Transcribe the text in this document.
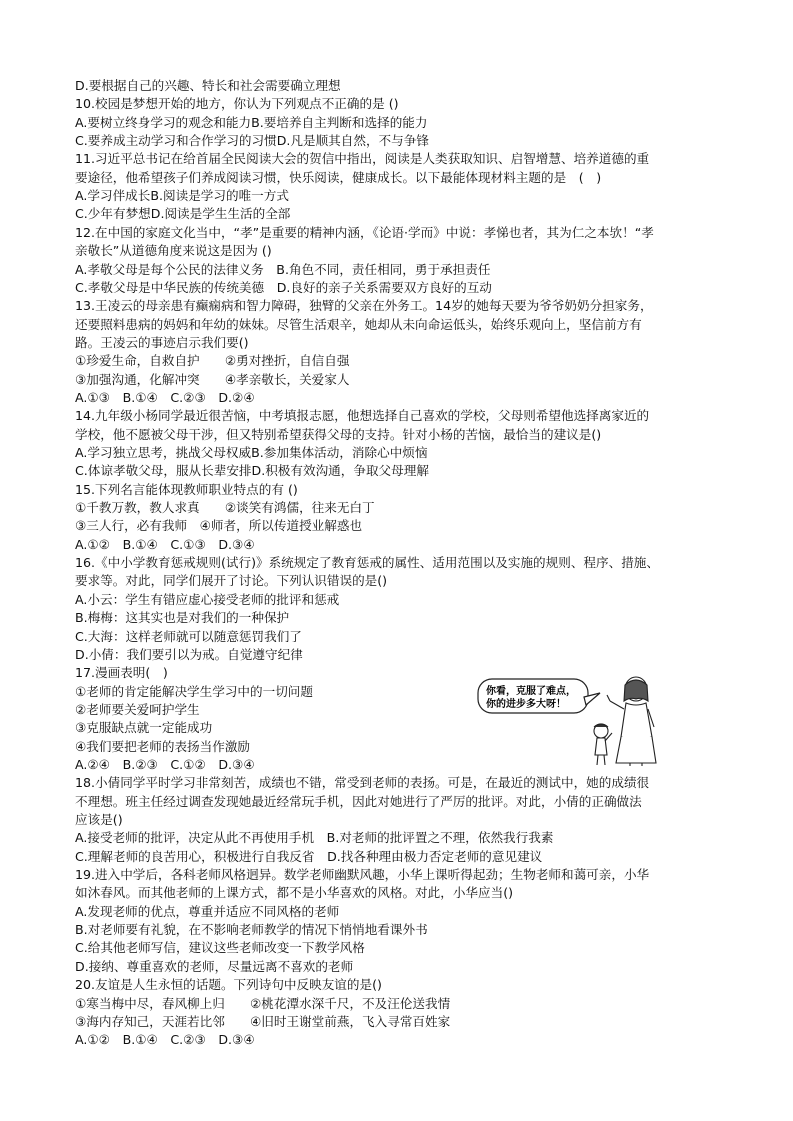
D.要根据自己的兴趣、特长和社会需要确立理想
10.校园是梦想开始的地方，你认为下列观点不正确的是 ()
A.要树立终身学习的观念和能力B.要培养自主判断和选择的能力
C.要养成主动学习和合作学习的习惯D.凡是顺其自然，不与争锋
11.习近平总书记在给首届全民阅读大会的贺信中指出，阅读是人类获取知识、启智增慧、培养道德的重
要途径，他希望孩子们养成阅读习惯，快乐阅读，健康成长。以下最能体现材料主题的是　(　)
A.学习伴成长B.阅读是学习的唯一方式
C.少年有梦想D.阅读是学生生活的全部
12.在中国的家庭文化当中，“孝”是重要的精神内涵，《论语·学而》中说：孝悌也者，其为仁之本欤！“孝
亲敬长”从道德角度来说这是因为 ()
A.孝敬父母是每个公民的法律义务　B.角色不同，责任相同，勇于承担责任
C.孝敬父母是中华民族的传统美德　D.良好的亲子关系需要双方良好的互动
13.王凌云的母亲患有癫痫病和智力障碍，独臂的父亲在外务工。14岁的她每天要为爷爷奶奶分担家务，
还要照料患病的妈妈和年幼的妹妹。尽管生活艰辛，她却从未向命运低头，始终乐观向上，坚信前方有
路。王凌云的事迹启示我们要()
①珍爱生命，自救自护　　②勇对挫折，自信自强
③加强沟通，化解冲突　　④孝亲敬长，关爱家人
A.①③　B.①④　C.②③　D.②④
14.九年级小杨同学最近很苦恼，中考填报志愿，他想选择自己喜欢的学校，父母则希望他选择离家近的
学校，他不愿被父母干涉，但又特别希望获得父母的支持。针对小杨的苦恼，最恰当的建议是()
A.学习独立思考，挑战父母权威B.参加集体活动，消除心中烦恼
C.体谅孝敬父母，服从长辈安排D.积极有效沟通，争取父母理解
15.下列名言能体现教师职业特点的有 ()
①千教万教，教人求真　　②谈笑有鸿儒，往来无白丁
③三人行，必有我师　④师者，所以传道授业解惑也
A.①②　B.①④　C.①③　D.③④
16.《中小学教育惩戒规则(试行)》系统规定了教育惩戒的属性、适用范围以及实施的规则、程序、措施、
要求等。对此，同学们展开了讨论。下列认识错误的是()
A.小云：学生有错应虚心接受老师的批评和惩戒
B.梅梅：这其实也是对我们的一种保护
C.大海：这样老师就可以随意惩罚我们了
D.小倩：我们要引以为戒。自觉遵守纪律
17.漫画表明(　)
①老师的肯定能解决学生学习中的一切问题
②老师要关爱呵护学生
③克服缺点就一定能成功
④我们要把老师的表扬当作激励
A.②④　B.②③　C.①②　D.③④
18.小倩同学平时学习非常刻苦，成绩也不错，常受到老师的表扬。可是，在最近的测试中，她的成绩很
不理想。班主任经过调查发现她最近经常玩手机，因此对她进行了严厉的批评。对此，小倩的正确做法
应该是()
A.接受老师的批评，决定从此不再使用手机　B.对老师的批评置之不理，依然我行我素
C.理解老师的良苦用心，积极进行自我反省　D.找各种理由极力否定老师的意见建议
19.进入中学后，各科老师风格迥异。数学老师幽默风趣，小华上课听得起劲；生物老师和蔼可亲，小华
如沐春风。而其他老师的上课方式，都不是小华喜欢的风格。对此，小华应当()
A.发现老师的优点，尊重并适应不同风格的老师
B.对老师要有礼貌，在不影响老师教学的情况下悄悄地看课外书
C.给其他老师写信，建议这些老师改变一下教学风格
D.接纳、尊重喜欢的老师，尽量远离不喜欢的老师
20.友谊是人生永恒的话题。下列诗句中反映友谊的是()
①寒当梅中尽，春风柳上归　　②桃花潭水深千尺，不及汪伦送我情
③海内存知己，天涯若比邻　　④旧时王谢堂前燕，飞入寻常百姓家
A.①②　B.①④　C.②③　D.③④
你看，克服了难点，
你的进步多大呀！
